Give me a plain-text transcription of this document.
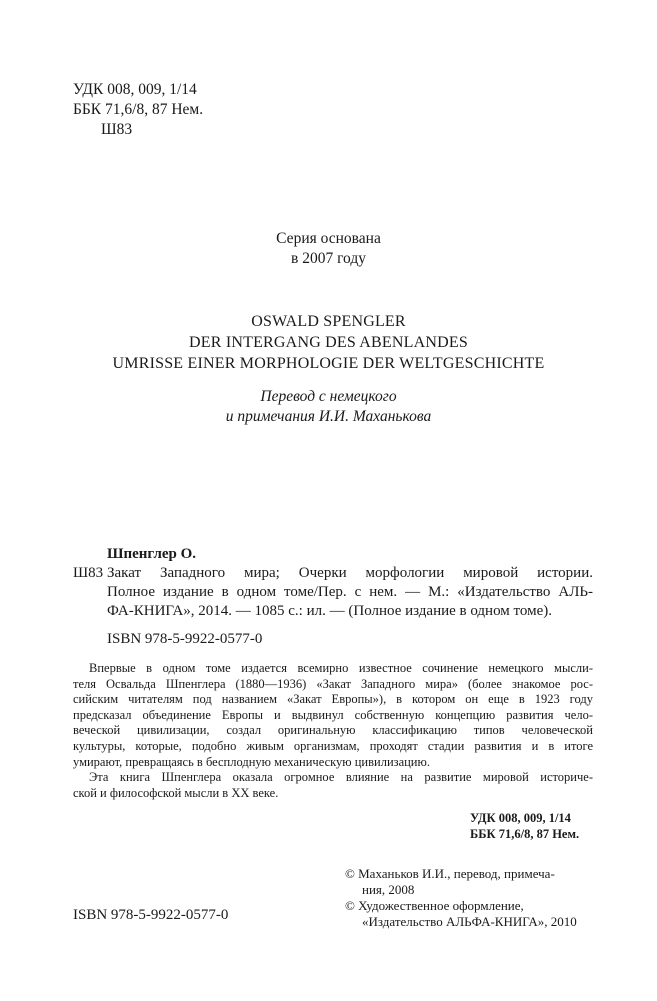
УДК 008, 009, 1/14
ББК 71,6/8, 87 Нем.
Ш83
Серия основана
в 2007 году
OSWALD SPENGLER
DER INTERGANG DES ABENLANDES
UMRISSE EINER MORPHOLOGIE DER WELTGESCHICHTE
Перевод с немецкого
и примечания И.И. Маханькова
Шпенглер О.
Ш83 Закат Западного мира; Очерки морфологии мировой истории.
Полное издание в одном томе/Пер. с нем. — М.: «Издательство АЛЬ-
ФА-КНИГА», 2014. — 1085 с.: ил. — (Полное издание в одном томе).
ISBN 978-5-9922-0577-0
Впервые в одном томе издается всемирно известное сочинение немецкого мысли-
теля Освальда Шпенглера (1880—1936) «Закат Западного мира» (более знакомое рос-
сийским читателям под названием «Закат Европы»), в котором он еще в 1923 году
предсказал объединение Европы и выдвинул собственную концепцию развития чело-
веческой цивилизации, создал оригинальную классификацию типов человеческой
культуры, которые, подобно живым организмам, проходят стадии развития и в итоге
умирают, превращаясь в бесплодную механическую цивилизацию.
Эта книга Шпенглера оказала огромное влияние на развитие мировой историче-
ской и философской мысли в XX веке.
УДК 008, 009, 1/14
ББК 71,6/8, 87 Нем.
© Маханьков И.И., перевод, примеча-
ния, 2008
© Художественное оформление,
«Издательство АЛЬФА-КНИГА», 2010
ISBN 978-5-9922-0577-0
